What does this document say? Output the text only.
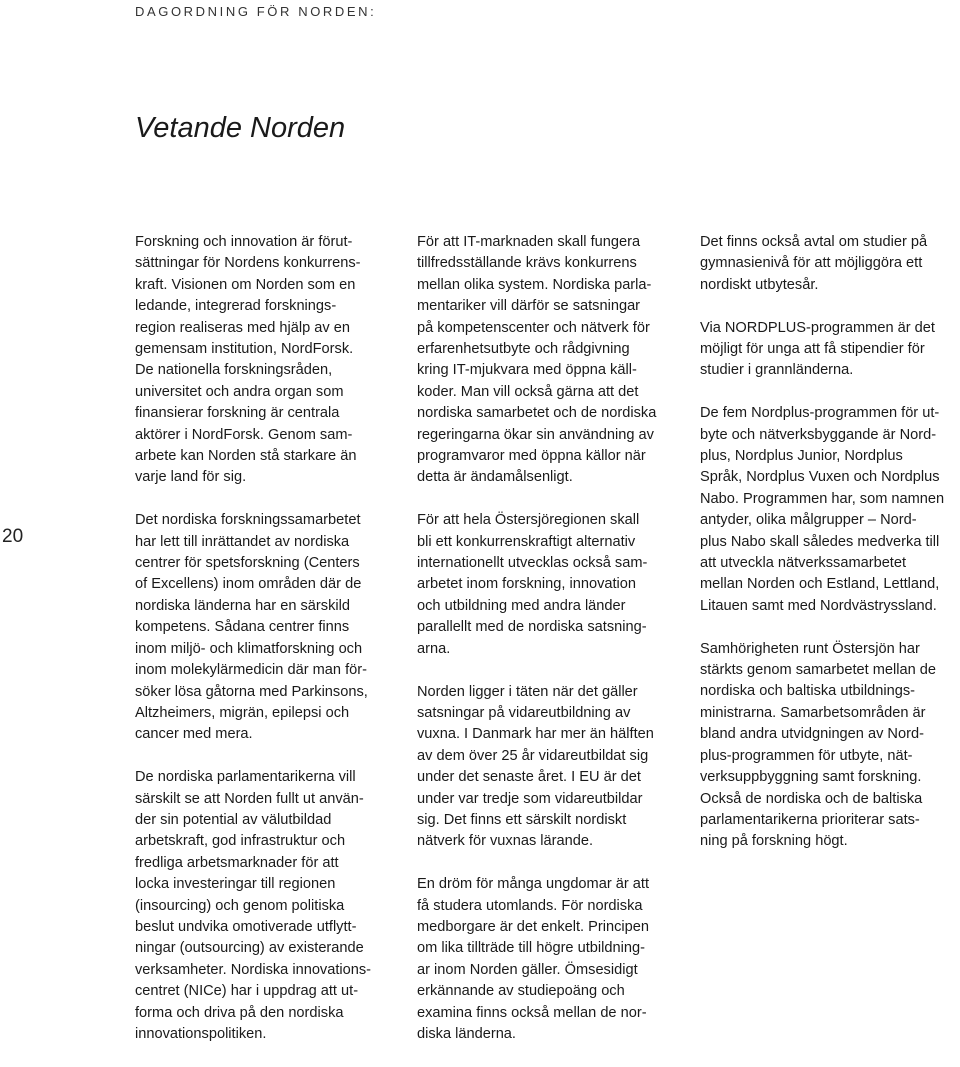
DAGORDNING FÖR NORDEN:
Vetande Norden
20

Forskning och innovation är förut-
sättningar för Nordens konkurrens-
kraft. Visionen om Norden som en
ledande, integrerad forsknings-
region realiseras med hjälp av en
gemensam institution, NordForsk.
De nationella forskningsråden,
universitet och andra organ som
finansierar forskning är centrala
aktörer i NordForsk. Genom sam-
arbete kan Norden stå starkare än
varje land för sig.

Det nordiska forskningssamarbetet
har lett till inrättandet av nordiska
centrer för spetsforskning (Centers
of Excellens) inom områden där de
nordiska länderna har en särskild
kompetens. Sådana centrer finns
inom miljö- och klimatforskning och
inom molekylärmedicin där man för-
söker lösa gåtorna med Parkinsons,
Altzheimers, migrän, epilepsi och
cancer med mera.

De nordiska parlamentarikerna vill
särskilt se att Norden fullt ut använ-
der sin potential av välutbildad
arbetskraft, god infrastruktur och
fredliga arbetsmarknader för att
locka investeringar till regionen
(insourcing) och genom politiska
beslut undvika omotiverade utflytt-
ningar (outsourcing) av existerande
verksamheter. Nordiska innovations-
centret (NICe) har i uppdrag att ut-
forma och driva på den nordiska
innovationspolitiken.

För att IT-marknaden skall fungera
tillfredsställande krävs konkurrens
mellan olika system. Nordiska parla-
mentariker vill därför se satsningar
på kompetenscenter och nätverk för
erfarenhetsutbyte och rådgivning
kring IT-mjukvara med öppna käll-
koder. Man vill också gärna att det
nordiska samarbetet och de nordiska
regeringarna ökar sin användning av
programvaror med öppna källor när
detta är ändamålsenligt.

För att hela Östersjöregionen skall
bli ett konkurrenskraftigt alternativ
internationellt utvecklas också sam-
arbetet inom forskning, innovation
och utbildning med andra länder
parallellt med de nordiska satsning-
arna.

Norden ligger i täten när det gäller
satsningar på vidareutbildning av
vuxna. I Danmark har mer än hälften
av dem över 25 år vidareutbildat sig
under det senaste året. I EU är det
under var tredje som vidareutbildar
sig. Det finns ett särskilt nordiskt
nätverk för vuxnas lärande.

En dröm för många ungdomar är att
få studera utomlands. För nordiska
medborgare är det enkelt. Principen
om lika tillträde till högre utbildning-
ar inom Norden gäller. Ömsesidigt
erkännande av studiepoäng och
examina finns också mellan de nor-
diska länderna.

Det finns också avtal om studier på
gymnasienivå för att möjliggöra ett
nordiskt utbytesår.

Via NORDPLUS-programmen är det
möjligt för unga att få stipendier för
studier i grannländerna.

De fem Nordplus-programmen för ut-
byte och nätverksbyggande är Nord-
plus, Nordplus Junior, Nordplus
Språk, Nordplus Vuxen och Nordplus
Nabo. Programmen har, som namnen
antyder, olika målgrupper – Nord-
plus Nabo skall således medverka till
att utveckla nätverkssamarbetet
mellan Norden och Estland, Lettland,
Litauen samt med Nordvästryssland.

Samhörigheten runt Östersjön har
stärkts genom samarbetet mellan de
nordiska och baltiska utbildnings-
ministrarna. Samarbetsområden är
bland andra utvidgningen av Nord-
plus-programmen för utbyte, nät-
verksuppbyggning samt forskning.
Också de nordiska och de baltiska
parlamentarikerna prioriterar sats-
ning på forskning högt.
